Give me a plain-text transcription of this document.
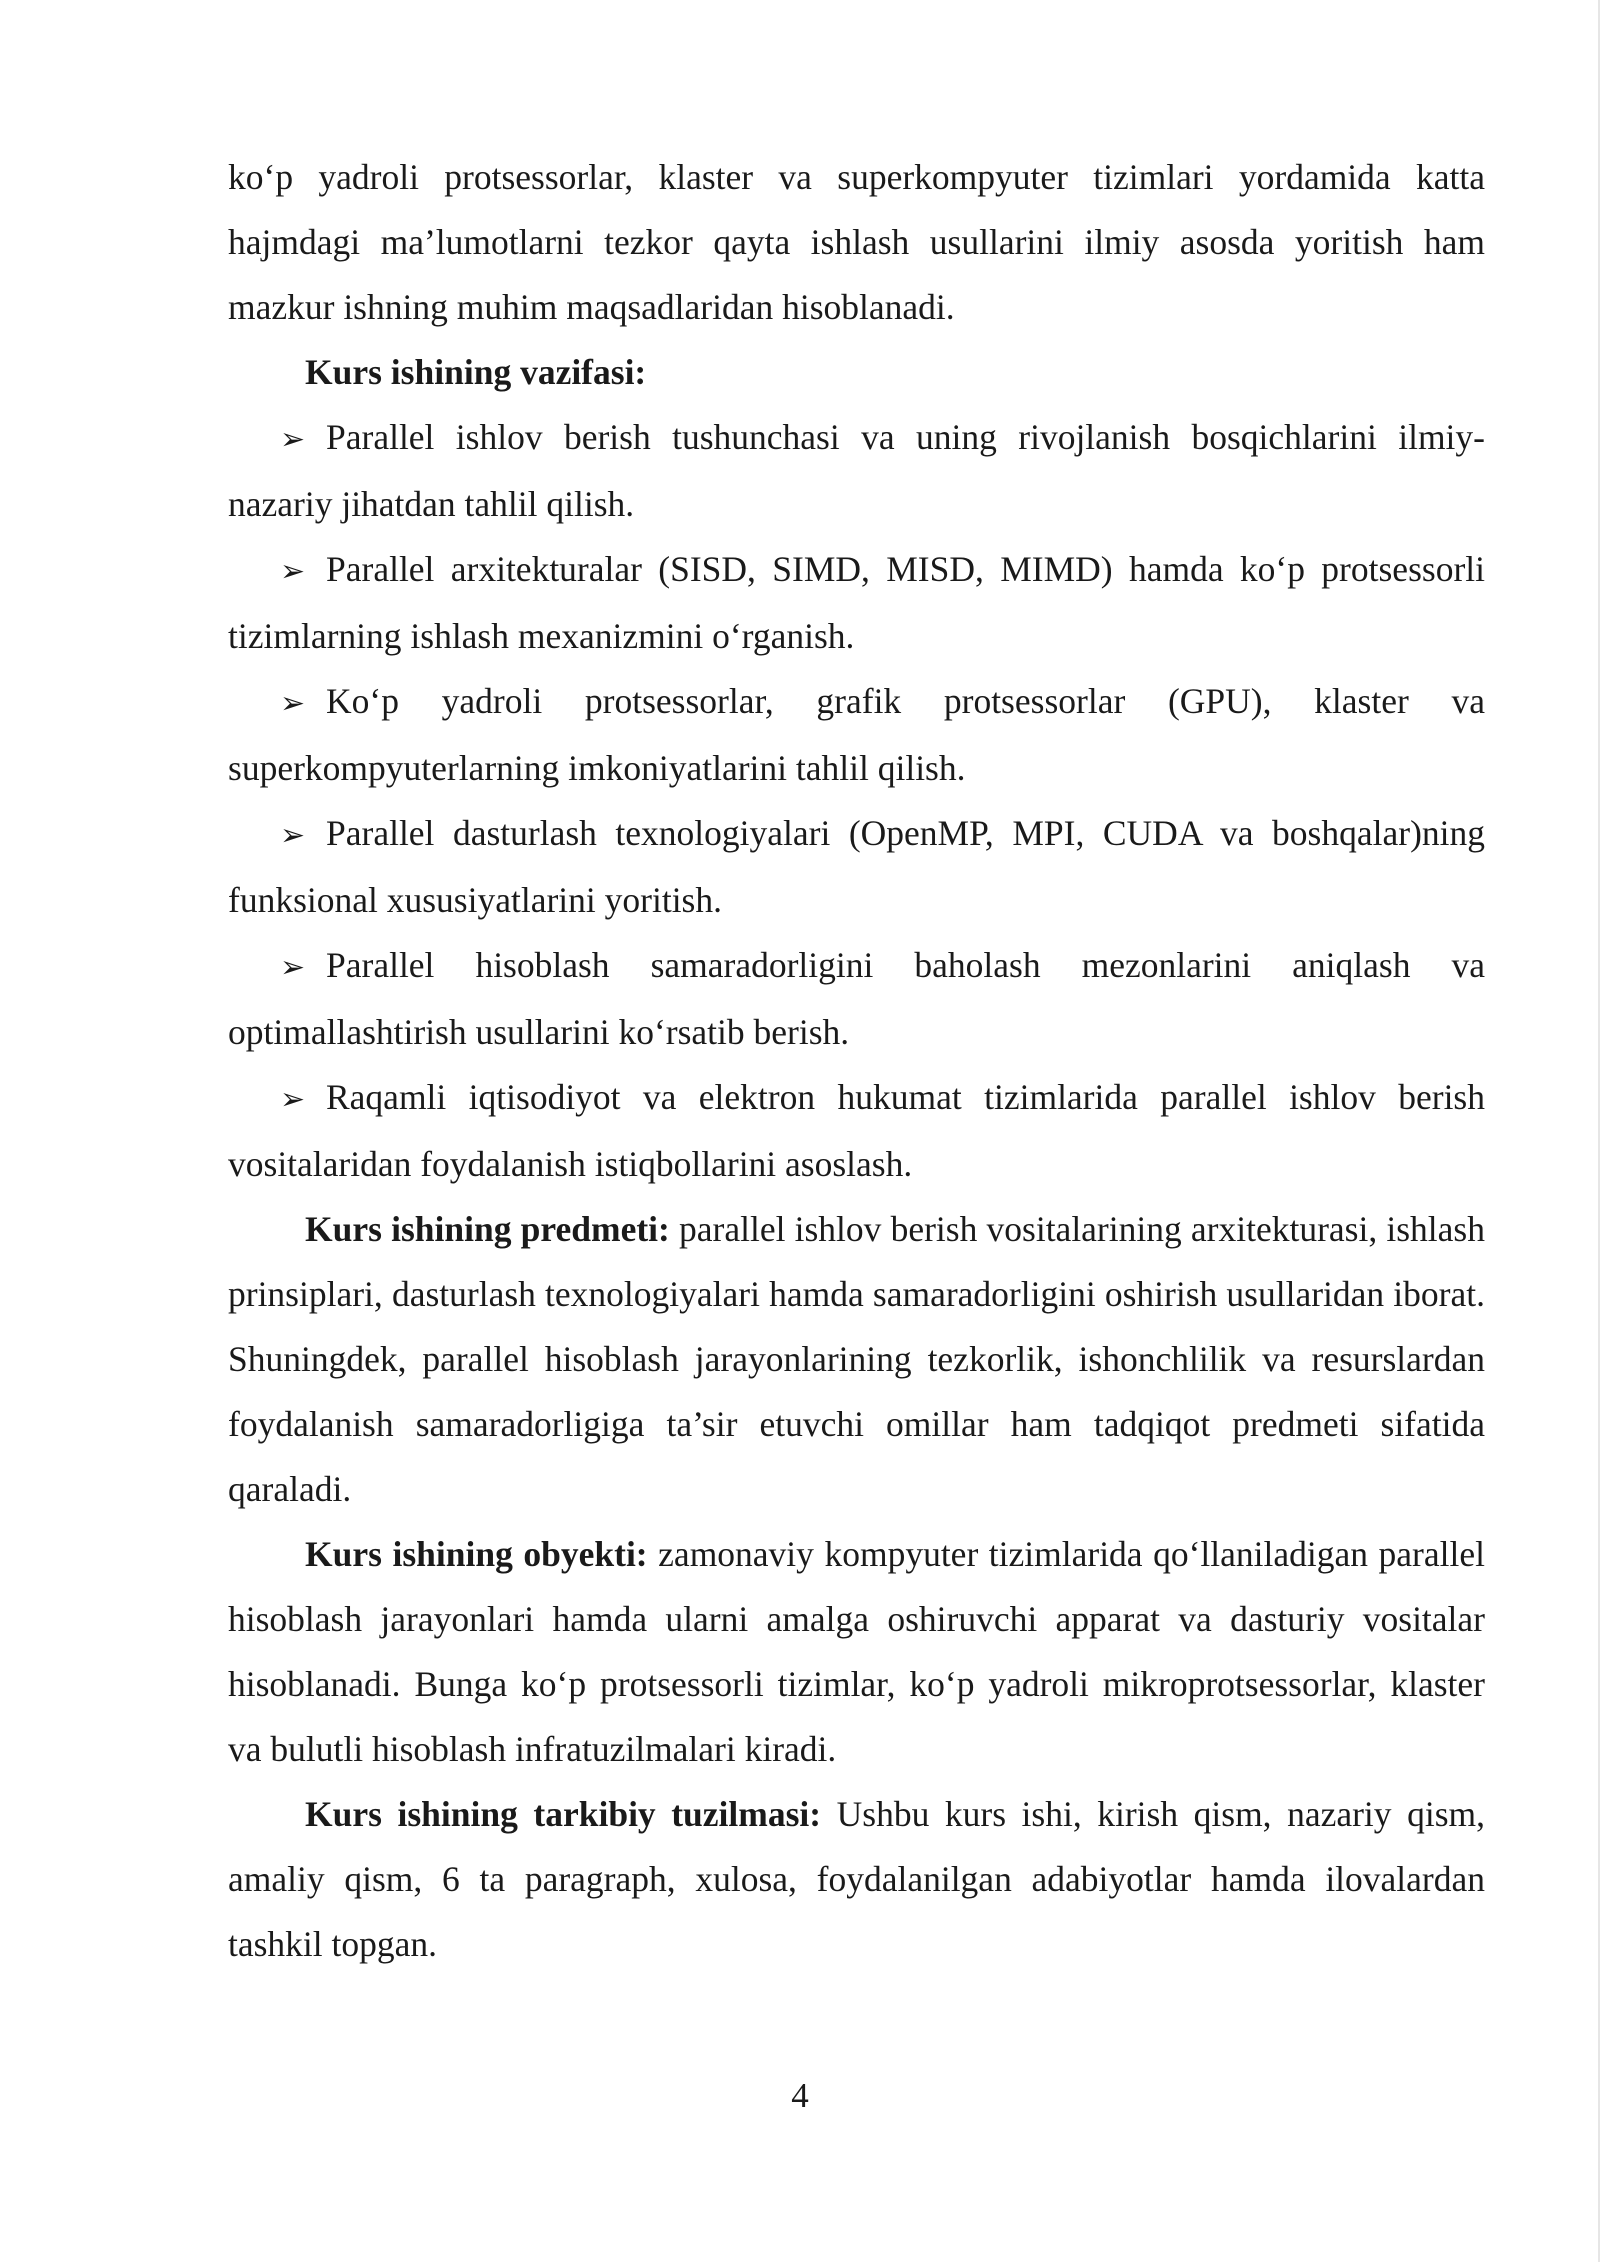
ko‘p yadroli protsessorlar, klaster va superkompyuter tizimlari yordamida katta hajmdagi ma’lumotlarni tezkor qayta ishlash usullarini ilmiy asosda yoritish ham mazkur ishning muhim maqsadlaridan hisoblanadi.

Kurs ishining vazifasi:

➢ Parallel ishlov berish tushunchasi va uning rivojlanish bosqichlarini ilmiy-nazariy jihatdan tahlil qilish.

➢ Parallel arxitekturalar (SISD, SIMD, MISD, MIMD) hamda ko‘p protsessorli tizimlarning ishlash mexanizmini o‘rganish.

➢ Ko‘p yadroli protsessorlar, grafik protsessorlar (GPU), klaster va superkompyuterlarning imkoniyatlarini tahlil qilish.

➢ Parallel dasturlash texnologiyalari (OpenMP, MPI, CUDA va boshqalar)ning funksional xususiyatlarini yoritish.

➢ Parallel hisoblash samaradorligini baholash mezonlarini aniqlash va optimallashtirish usullarini ko‘rsatib berish.

➢ Raqamli iqtisodiyot va elektron hukumat tizimlarida parallel ishlov berish vositalaridan foydalanish istiqbollarini asoslash.

Kurs ishining predmeti: parallel ishlov berish vositalarining arxitekturasi, ishlash prinsiplari, dasturlash texnologiyalari hamda samaradorligini oshirish usullaridan iborat. Shuningdek, parallel hisoblash jarayonlarining tezkorlik, ishonchlilik va resurslardan foydalanish samaradorligiga ta’sir etuvchi omillar ham tadqiqot predmeti sifatida qaraladi.

Kurs ishining obyekti: zamonaviy kompyuter tizimlarida qo‘llaniladigan parallel hisoblash jarayonlari hamda ularni amalga oshiruvchi apparat va dasturiy vositalar hisoblanadi. Bunga ko‘p protsessorli tizimlar, ko‘p yadroli mikroprotsessorlar, klaster va bulutli hisoblash infratuzilmalari kiradi.

Kurs ishining tarkibiy tuzilmasi: Ushbu kurs ishi, kirish qism, nazariy qism, amaliy qism, 6 ta paragraph, xulosa, foydalanilgan adabiyotlar hamda ilovalardan tashkil topgan.

4
